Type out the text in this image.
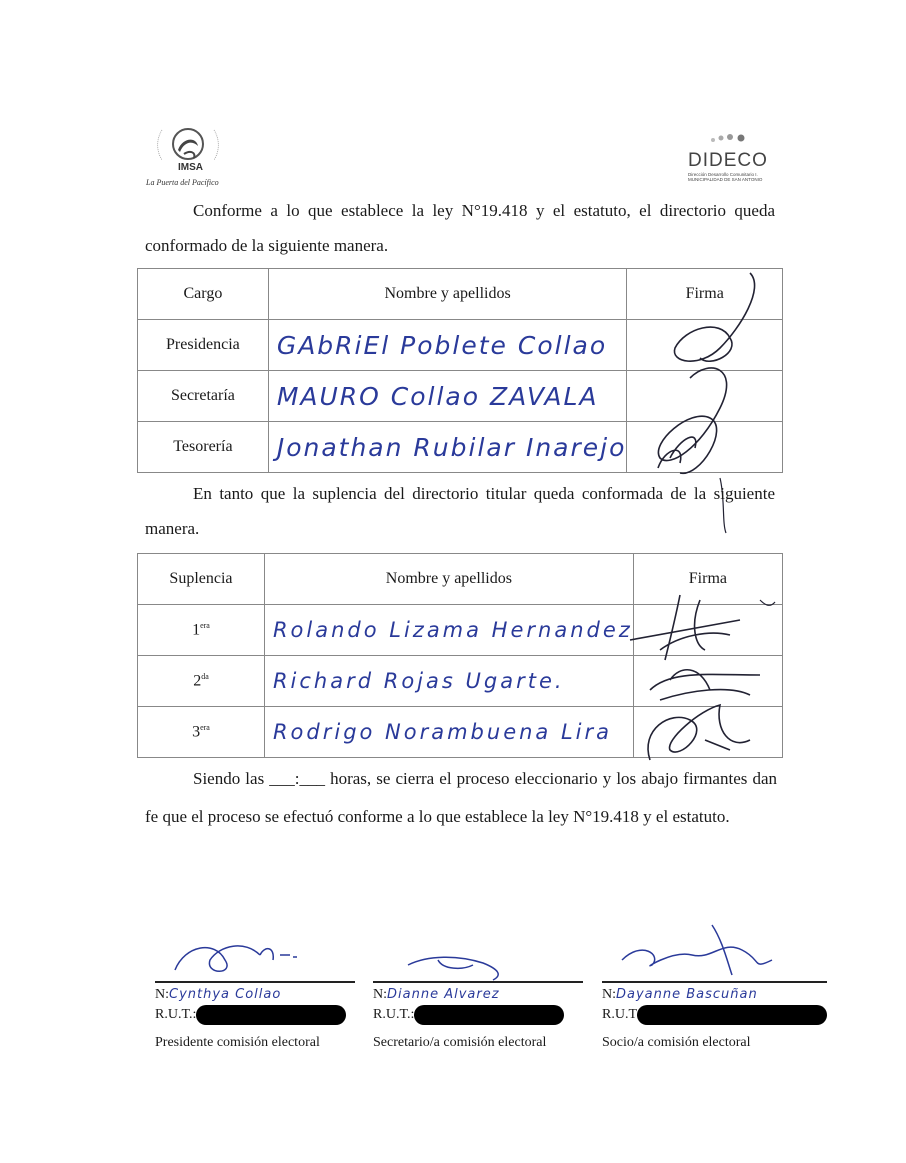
IMSA
La Puerta del Pacífico
DIDECO
Dirección Desarrollo Comunitario I. MUNICIPALIDAD DE SAN ANTONIO

Conforme a lo que establece la ley N°19.418 y el estatuto, el directorio queda conformado de la siguiente manera.

Cargo	Nombre y apellidos	Firma
Presidencia	GAbRiEl Poblete Collao	
Secretaría	MAURO Collao ZAVALA	
Tesorería	Jonathan Rubilar Inarejo	

En tanto que la suplencia del directorio titular queda conformada de la siguiente manera.

Suplencia	Nombre y apellidos	Firma
$1^{era}$	Rolando Lizama Hernandez	
$2^{da}$	Richard Rojas Ugarte.	
$3^{era}$	Rodrigo Norambuena Lira	

Siendo las ___:___ horas, se cierra el proceso eleccionario y los abajo firmantes dan fe que el proceso se efectuó conforme a lo que establece la ley N°19.418 y el estatuto.

N:Cynthya Collao
R.U.T.:
Presidente comisión electoral
N:Dianne Alvarez
R.U.T.:
Secretario/a comisión electoral
N:Dayanne Bascuñan
R.U.T
Socio/a comisión electoral
